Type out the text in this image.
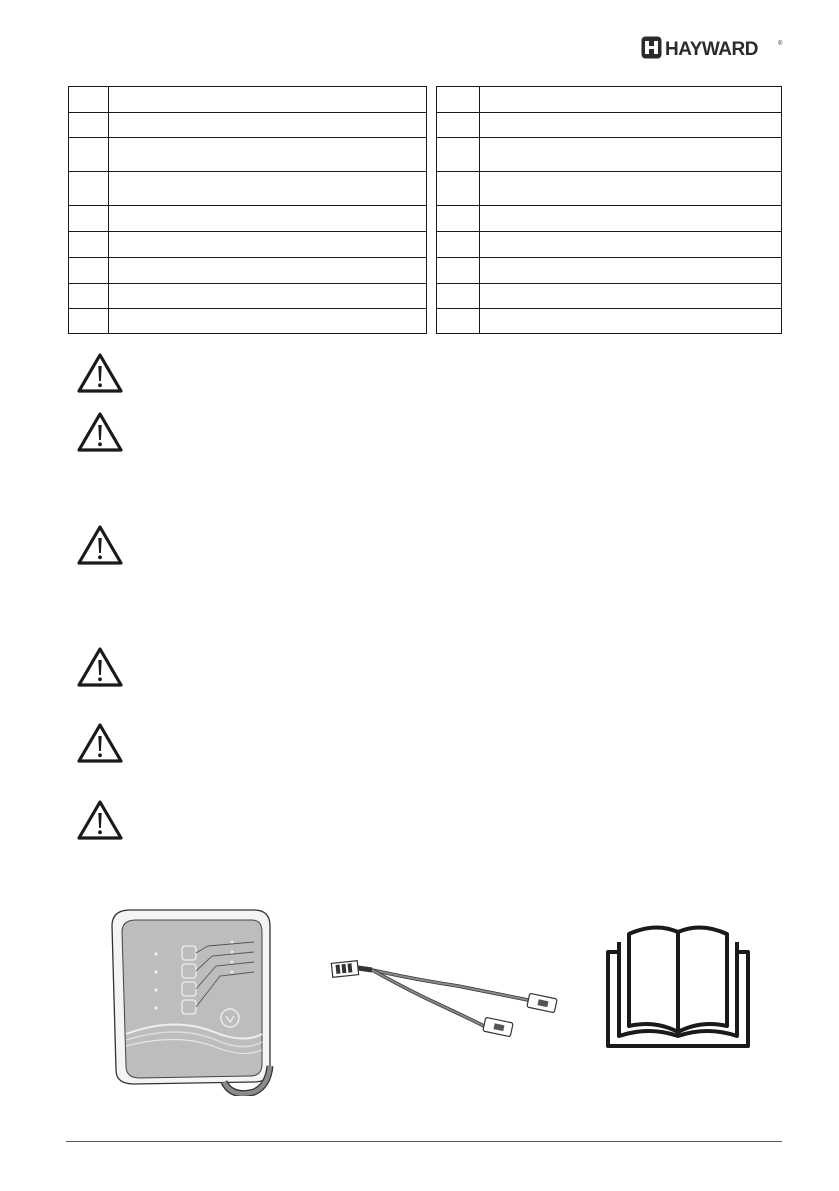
HAYWARD	®
